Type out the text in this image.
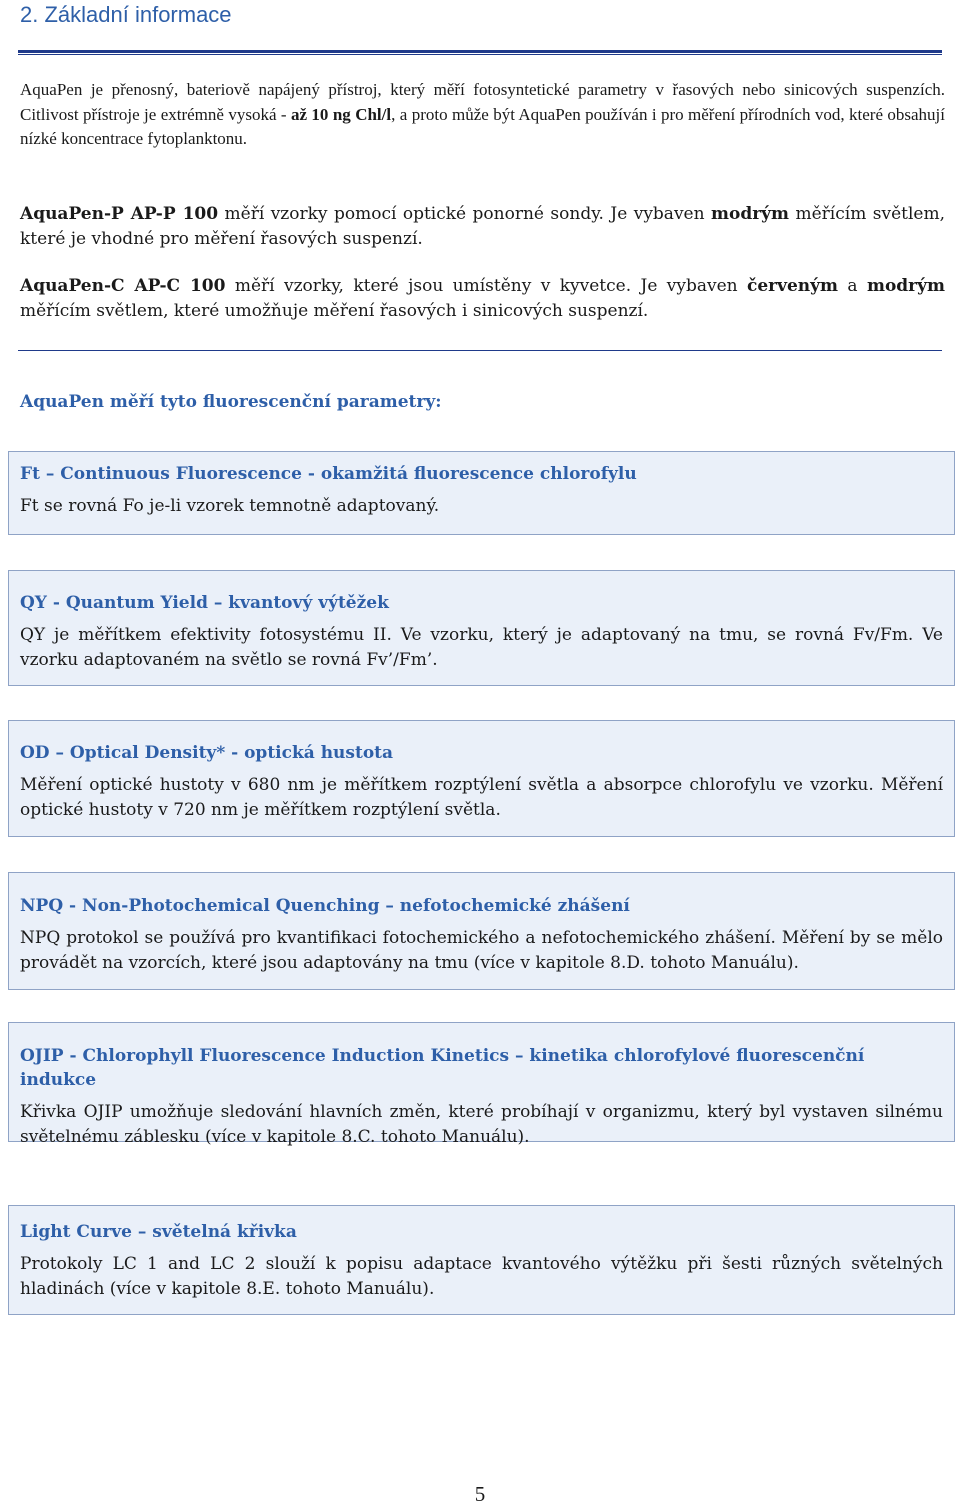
2. Základní informace

AquaPen je přenosný, bateriově napájený přístroj, který měří fotosyntetické parametry v řasových nebo sinicových suspenzích. Citlivost přístroje je extrémně vysoká - až 10 ng Chl/l, a proto může být AquaPen používán i pro měření přírodních vod, které obsahují nízké koncentrace fytoplanktonu.

AquaPen-P AP-P 100 měří vzorky pomocí optické ponorné sondy. Je vybaven modrým měřícím světlem, které je vhodné pro měření řasových suspenzí.

AquaPen-C AP-C 100 měří vzorky, které jsou umístěny v kyvetce. Je vybaven červeným a modrým měřícím světlem, které umožňuje měření řasových i sinicových suspenzí.

AquaPen měří tyto fluorescenční parametry:

Ft – Continuous Fluorescence - okamžitá fluorescence chlorofylu

Ft se rovná Fo je-li vzorek temnotně adaptovaný.

QY - Quantum Yield – kvantový výtěžek

QY je měřítkem efektivity fotosystému II. Ve vzorku, který je adaptovaný na tmu, se rovná Fv/Fm. Ve vzorku adaptovaném na světlo se rovná Fv’/Fm’.

OD – Optical Density* - optická hustota

Měření optické hustoty v 680 nm je měřítkem rozptýlení světla a absorpce chlorofylu ve vzorku. Měření optické hustoty v 720 nm je měřítkem rozptýlení světla.

NPQ - Non-Photochemical Quenching – nefotochemické zhášení

NPQ protokol se používá pro kvantifikaci fotochemického a nefotochemického zhášení. Měření by se mělo provádět na vzorcích, které jsou adaptovány na tmu (více v kapitole 8.D. tohoto Manuálu).

OJIP - Chlorophyll Fluorescence Induction Kinetics – kinetika chlorofylové fluorescenční indukce

Křivka OJIP umožňuje sledování hlavních změn, které probíhají v organizmu, který byl vystaven silnému světelnému záblesku (více v kapitole 8.C. tohoto Manuálu).

Light Curve – světelná křivka

Protokoly LC 1 and LC 2 slouží k popisu adaptace kvantového výtěžku při šesti různých světelných hladinách (více v kapitole 8.E. tohoto Manuálu).

5
